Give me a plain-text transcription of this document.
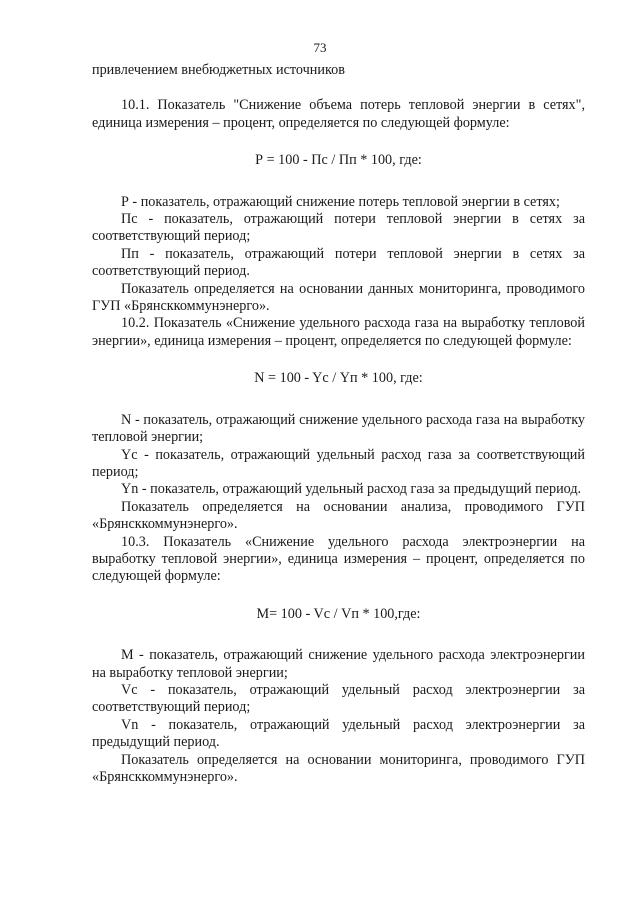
73

привлечением внебюджетных источников

10.1. Показатель "Снижение объема потерь тепловой энергии в сетях", единица измерения – процент, определяется по следующей формуле:

Р = 100 - Пс / Пп * 100, где:

Р - показатель, отражающий снижение потерь тепловой энергии в сетях;

Пс - показатель, отражающий потери тепловой энергии в сетях за соответствующий период;

Пп - показатель, отражающий потери тепловой энергии в сетях за соответствующий период.

Показатель определяется на основании данных мониторинга, проводимого ГУП «Брянсккоммунэнерго».

10.2. Показатель «Снижение удельного расхода газа на выработку тепловой энергии», единица измерения – процент, определяется по следующей формуле:

N = 100 - Yс / Yп * 100, где:

N - показатель, отражающий снижение удельного расхода газа на выработку тепловой энергии;

Yс - показатель, отражающий удельный расход газа за соответствующий период;

Yn - показатель, отражающий удельный расход газа за предыдущий период.

Показатель определяется на основании анализа, проводимого ГУП «Брянсккоммунэнерго».

10.3. Показатель «Снижение удельного расхода электроэнергии на выработку тепловой энергии», единица измерения – процент, определяется по следующей формуле:

M= 100 - Vс / Vп * 100,где:

М - показатель, отражающий снижение удельного расхода электроэнергии на выработку тепловой энергии;

Vс - показатель, отражающий удельный расход электроэнергии за соответствующий период;

Vn - показатель, отражающий удельный расход электроэнергии за предыдущий период.

Показатель определяется на основании мониторинга, проводимого ГУП «Брянсккоммунэнерго».
